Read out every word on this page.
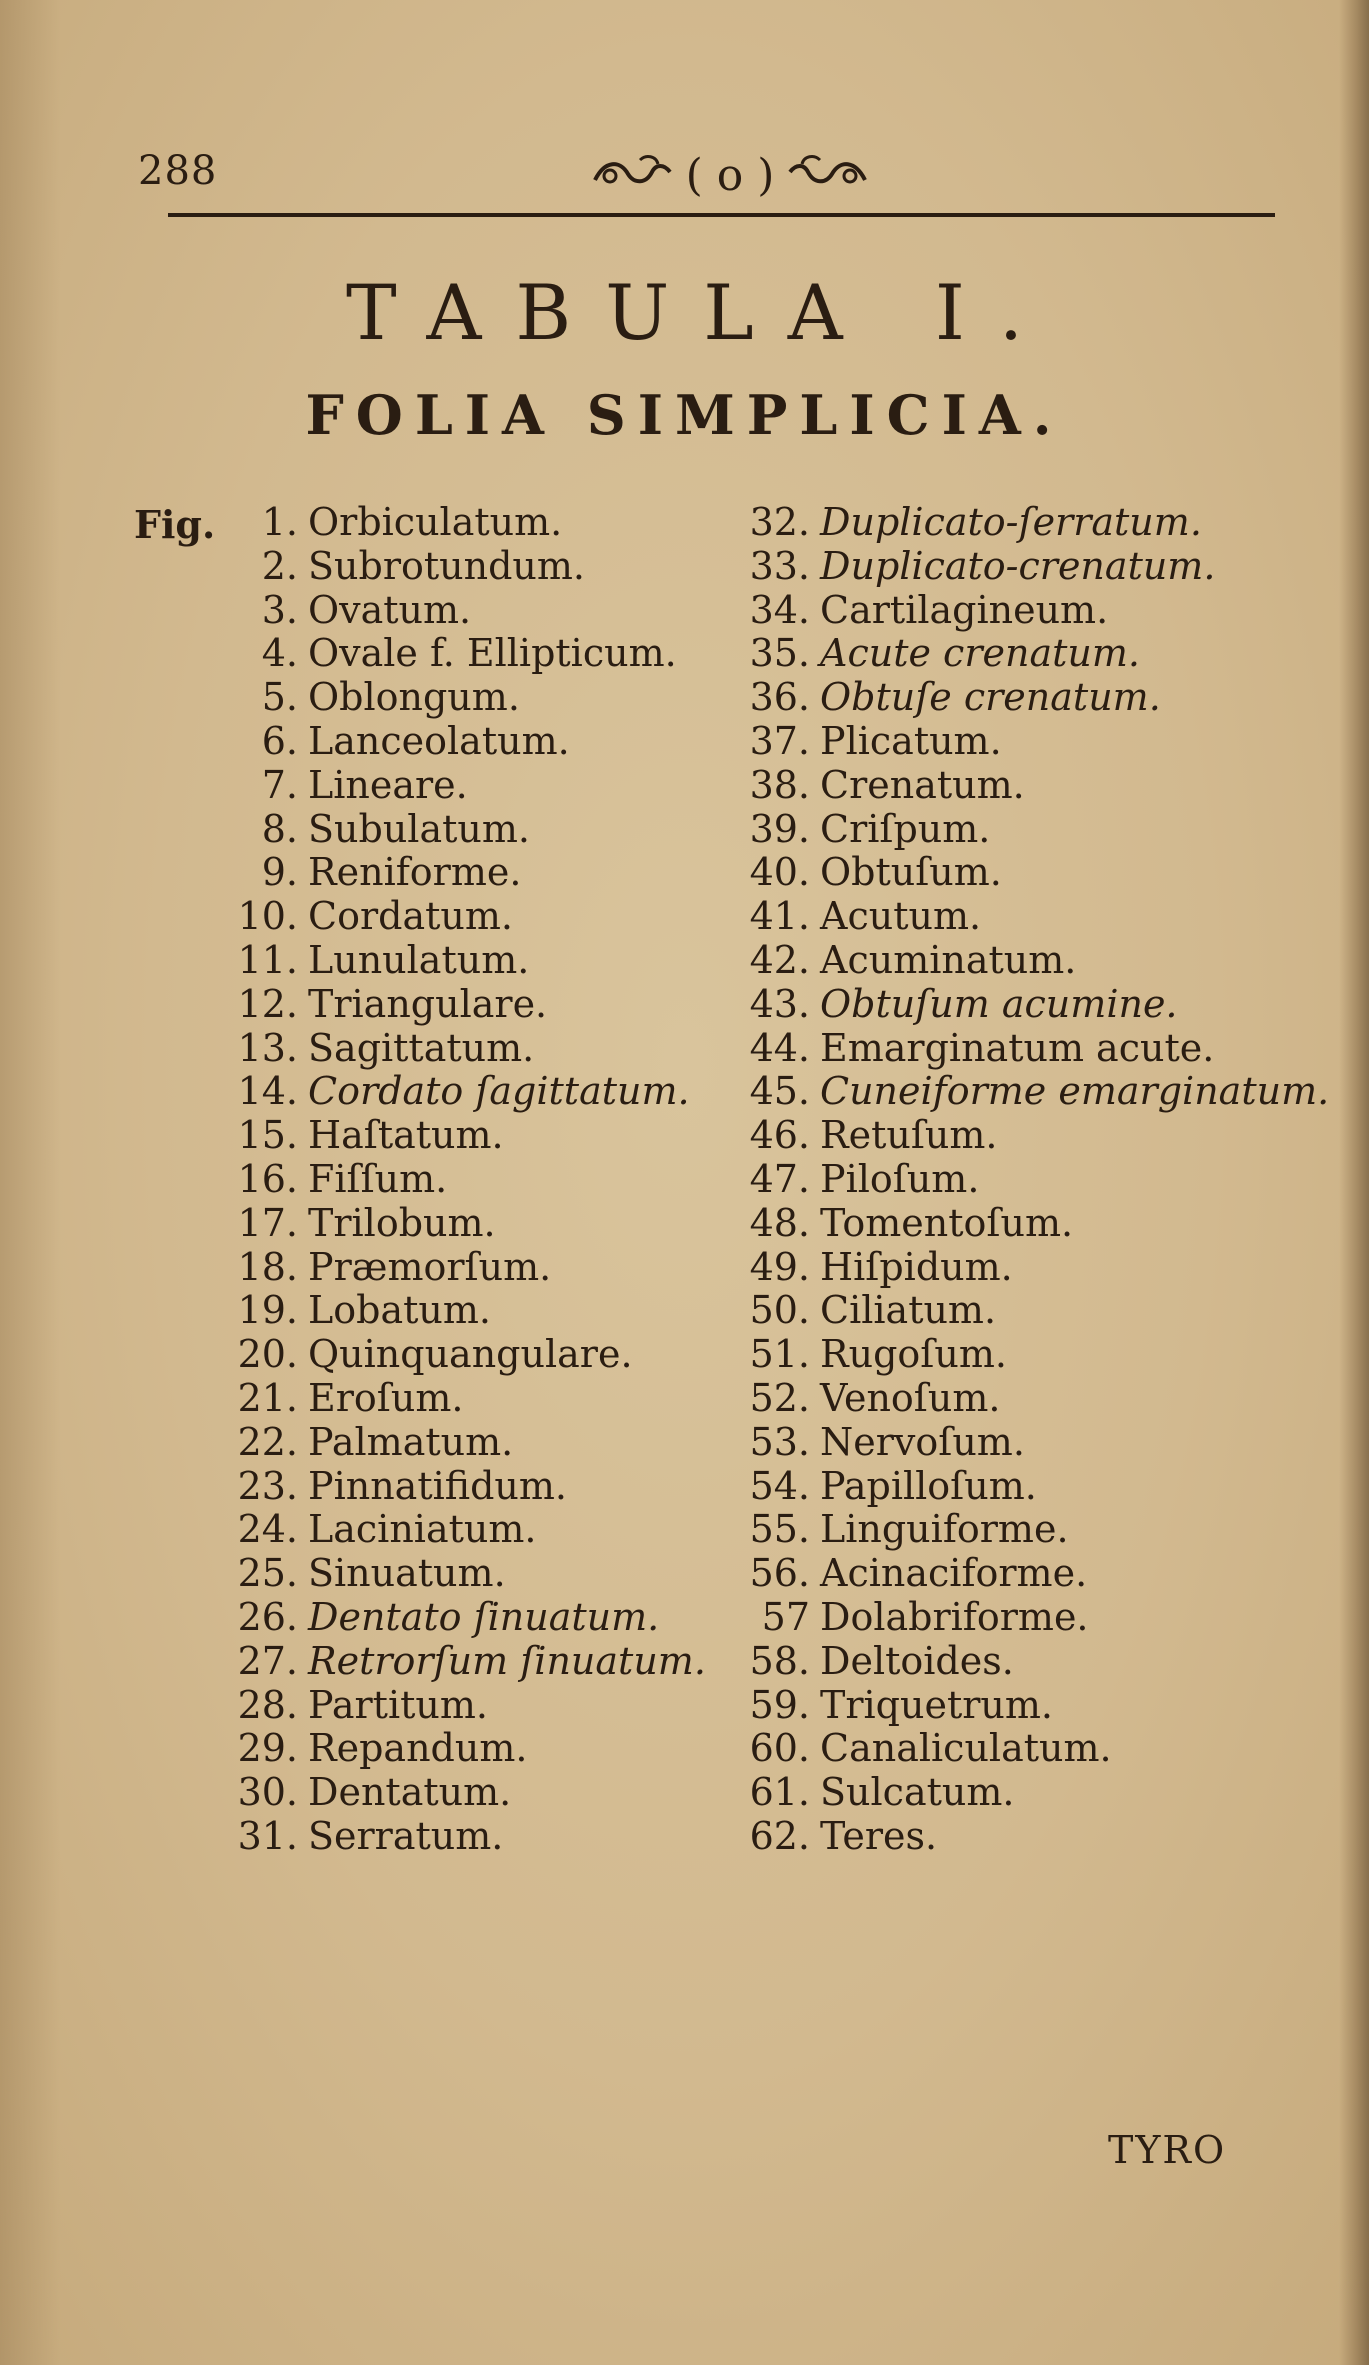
288	( o )
TABULA I.
FOLIA SIMPLICIA.
Fig.	1. Orbiculatum.
2. Subrotundum.
3. Ovatum.
4. Ovale f. Ellipticum.
5. Oblongum.
6. Lanceolatum.
7. Lineare.
8. Subulatum.
9. Reniforme.
10. Cordatum.
11. Lunulatum.
12. Triangulare.
13. Sagittatum.
14. Cordato ſagittatum.
15. Haſtatum.
16. Fiſſum.
17. Trilobum.
18. Præmorſum.
19. Lobatum.
20. Quinquangulare.
21. Eroſum.
22. Palmatum.
23. Pinnatifidum.
24. Laciniatum.
25. Sinuatum.
26. Dentato ſinuatum.
27. Retrorſum ſinuatum.
28. Partitum.
29. Repandum.
30. Dentatum.
31. Serratum.
32. Duplicato-ſerratum.
33. Duplicato-crenatum.
34. Cartilagineum.
35. Acute crenatum.
36. Obtuſe crenatum.
37. Plicatum.
38. Crenatum.
39. Criſpum.
40. Obtuſum.
41. Acutum.
42. Acuminatum.
43. Obtuſum acumine.
44. Emarginatum acute.
45. Cuneiforme emarginatum.
46. Retuſum.
47. Piloſum.
48. Tomentoſum.
49. Hiſpidum.
50. Ciliatum.
51. Rugoſum.
52. Venoſum.
53. Nervoſum.
54. Papilloſum.
55. Linguiforme.
56. Acinaciforme.
57 Dolabriforme.
58. Deltoides.
59. Triquetrum.
60. Canaliculatum.
61. Sulcatum.
62. Teres.
TYRO
